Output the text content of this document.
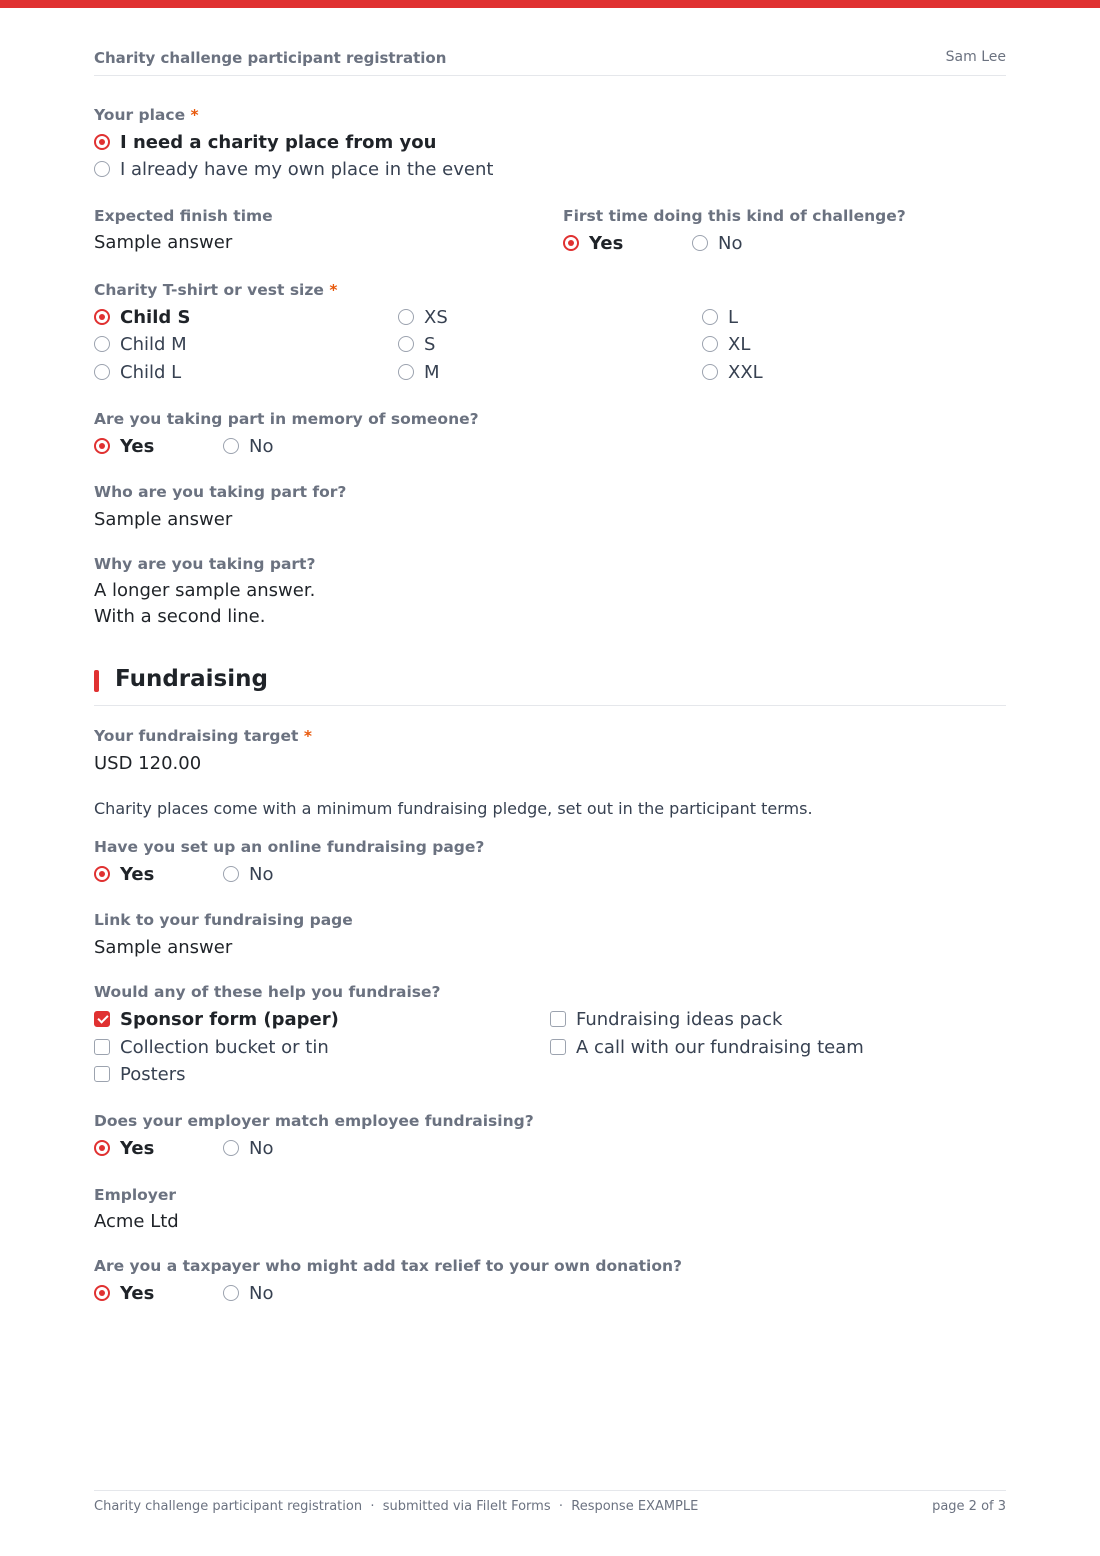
Charity challenge participant registration	Sam Lee
Your place *
I need a charity place from you
I already have my own place in the event
Expected finish time
Sample answer
First time doing this kind of challenge?
Yes	No
Charity T-shirt or vest size *
Child S
Child M
Child L
XS
S
M
L
XL
XXL
Are you taking part in memory of someone?
Yes	No
Who are you taking part for?
Sample answer
Why are you taking part?
A longer sample answer.
With a second line.
Fundraising
Your fundraising target *
USD 120.00
Charity places come with a minimum fundraising pledge, set out in the participant terms.
Have you set up an online fundraising page?
Yes	No
Link to your fundraising page
Sample answer
Would any of these help you fundraise?
Sponsor form (paper)
Collection bucket or tin
Posters
Fundraising ideas pack
A call with our fundraising team
Does your employer match employee fundraising?
Yes	No
Employer
Acme Ltd
Are you a taxpayer who might add tax relief to your own donation?
Yes	No
Charity challenge participant registration  ·  submitted via FileIt Forms  ·  Response EXAMPLE	page 2 of 3
